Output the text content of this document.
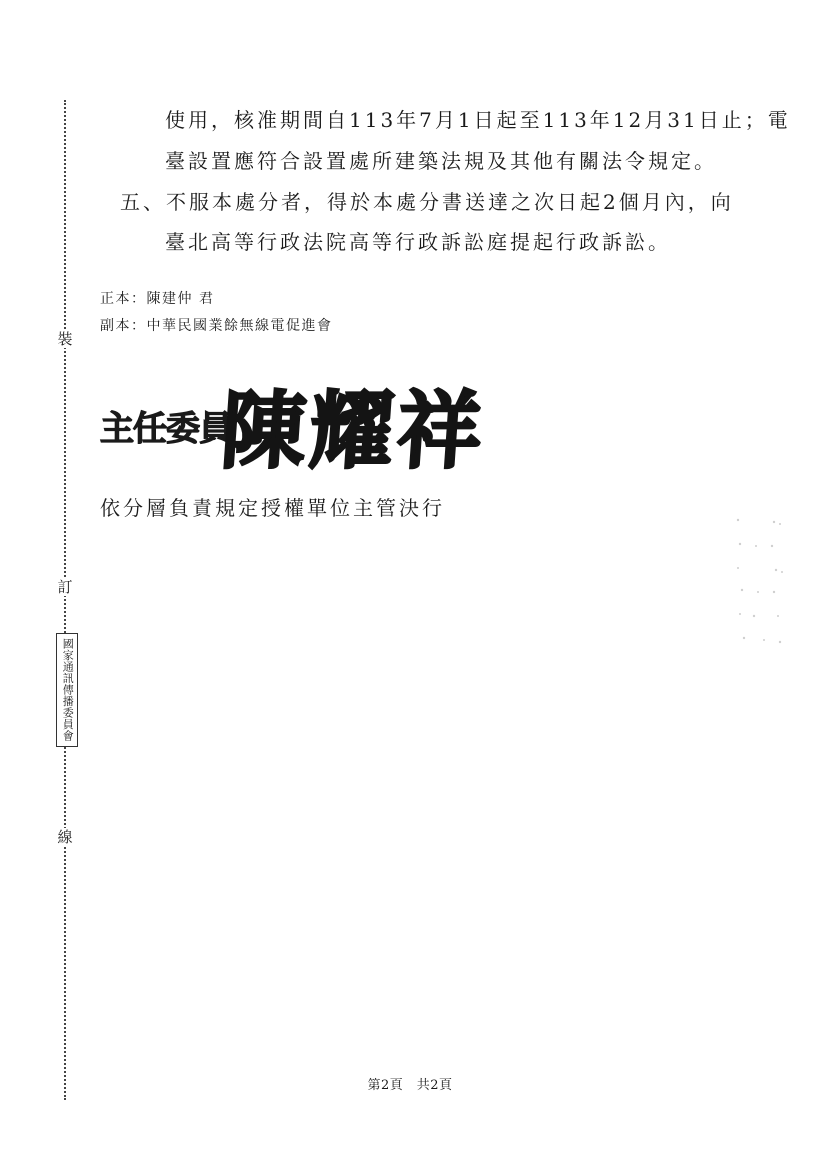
裝
訂
國家通訊傳播委員會
線
使用，核准期間自113年7月1日起至113年12月31日止；電
臺設置應符合設置處所建築法規及其他有關法令規定。
五、不服本處分者，得於本處分書送達之次日起2個月內，向
臺北高等行政法院高等行政訴訟庭提起行政訴訟。
正本：陳建仲 君
副本：中華民國業餘無線電促進會
主任委員
陳耀祥
依分層負責規定授權單位主管決行
第2頁　共2頁
